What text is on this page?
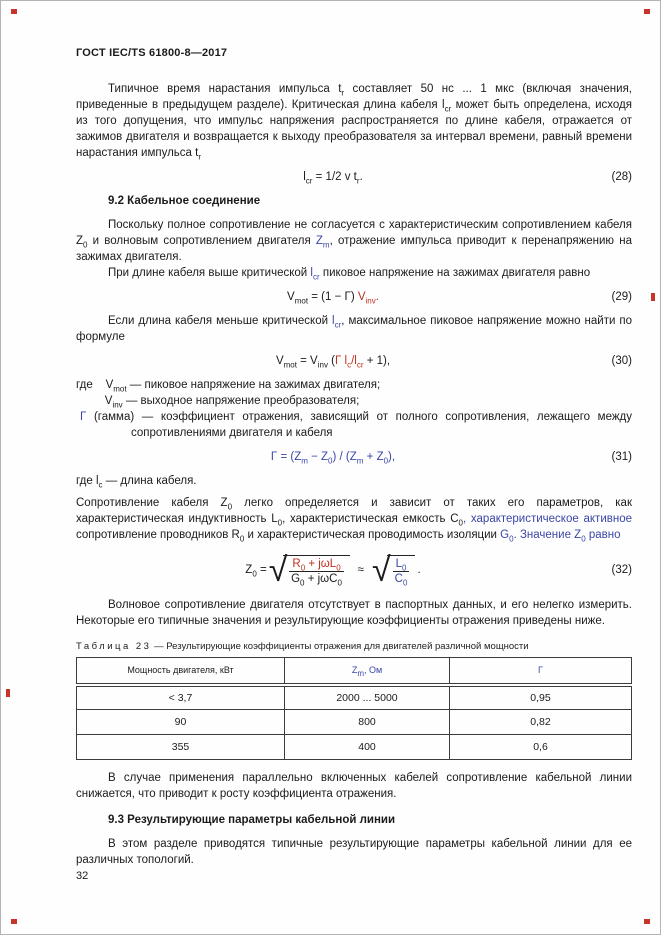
ГОСТ IEC/TS 61800-8—2017

Типичное время нарастания импульса $t_r$ составляет 50 нс ... 1 мкс (включая значения, приведенные в предыдущем разделе). Критическая длина кабеля $l_{cr}$ может быть определена, исходя из того допущения, что импульс напряжения распространяется по длине кабеля, отражается от зажимов двигателя и возвращается к выходу преобразователя за интервал времени, равный времени нарастания импульса $t_r$

$l_{cr} = 1/2$ v $t_r$.	(28)
9.2 Кабельное соединение

Поскольку полное сопротивление не согласуется с характеристическим сопротивлением кабеля $Z_0$ и волновым сопротивлением двигателя $Z_m$, отражение импульса приводит к перенапряжению на зажимах двигателя.

При длине кабеля выше критической $l_{cr}$ пиковое напряжение на зажимах двигателя равно

$V_{mot} = (1 - \Gamma)$ $V_{inv}$.	(29)

Если длина кабеля меньше критической $l_{cr}$, максимальное пиковое напряжение можно найти по формуле

$V_{mot} = V_{inv}$ (Γ $l_c/l_{cr} + 1$),	(30)
где    $V_{mot}$ — пиковое напряжение на зажимах двигателя;
$V_{inv}$ — выходное напряжение преобразователя;
Γ (гамма) — коэффициент отражения, зависящий от полного сопротивления, лежащего между сопротивлениями двигателя и кабеля
$\Gamma = (Z_m - Z_0) / (Z_m + Z_0)$,	(31)

где $l_c$ — длина кабеля.

Сопротивление кабеля $Z_0$ легко определяется и зависит от таких его параметров, как характеристическая индуктивность $L_0$, характеристическая емкость $C_0$, характеристическое активное сопротивление проводников $R_0$ и характеристическая проводимость изоляции $G_0$. Значение $Z_0$ равно

$Z_0$ = √ $R_0 + j\omega L_0$
$G_0 + j\omega C_0$
≈ √
$\frac{L_0}{C_0}$ .	(32)

Волновое сопротивление двигателя отсутствует в паспортных данных, и его нелегко измерить. Некоторые его типичные значения и результирующие коэффициенты отражения приведены ниже.

Таблица 23 — Результирующие коэффициенты отражения для двигателей различной мощности
Мощность двигателя, кВт	$Z_m$, Ом	Γ
< 3,7	2000 ... 5000	0,95
90	800	0,82
355	400	0,6

В случае применения параллельно включенных кабелей сопротивление кабельной линии снижается, что приводит к росту коэффициента отражения.

9.3 Результирующие параметры кабельной линии

В этом разделе приводятся типичные результирующие параметры кабельной линии для ее различных топологий.

32
